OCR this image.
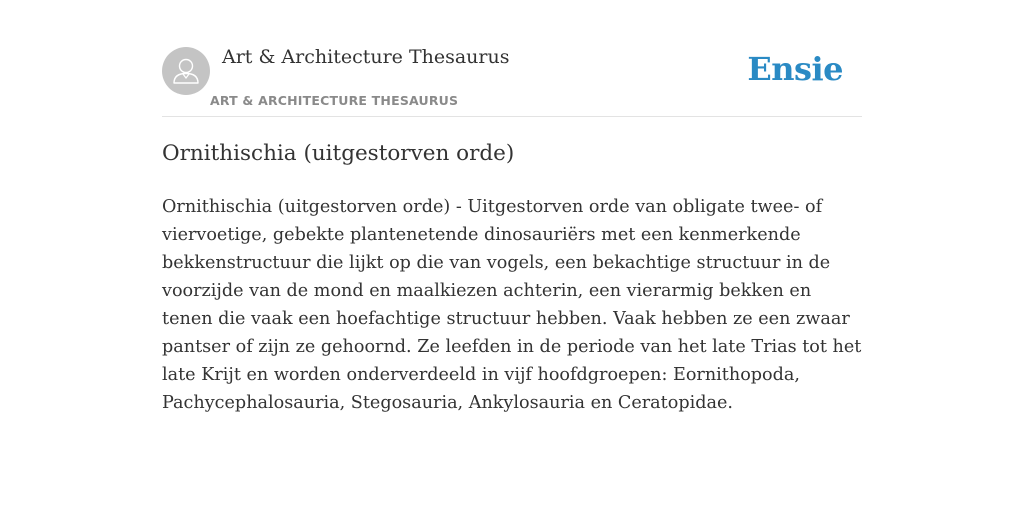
Art & Architecture Thesaurus
ART & ARCHITECTURE THESAURUS
Ensie
Ornithischia (uitgestorven orde)

Ornithischia (uitgestorven orde) - Uitgestorven orde van obligate twee- of viervoetige, gebekte plantenetende dinosauriërs met een kenmerkende bekkenstructuur die lijkt op die van vogels, een bekachtige structuur in de voorzijde van de mond en maalkiezen achterin, een vierarmig bekken en tenen die vaak een hoefachtige structuur hebben. Vaak hebben ze een zwaar pantser of zijn ze gehoornd. Ze leefden in de periode van het late Trias tot het late Krijt en worden onderverdeeld in vijf hoofdgroepen: Eornithopoda, Pachycephalosauria, Stegosauria, Ankylosauria en Ceratopidae.
